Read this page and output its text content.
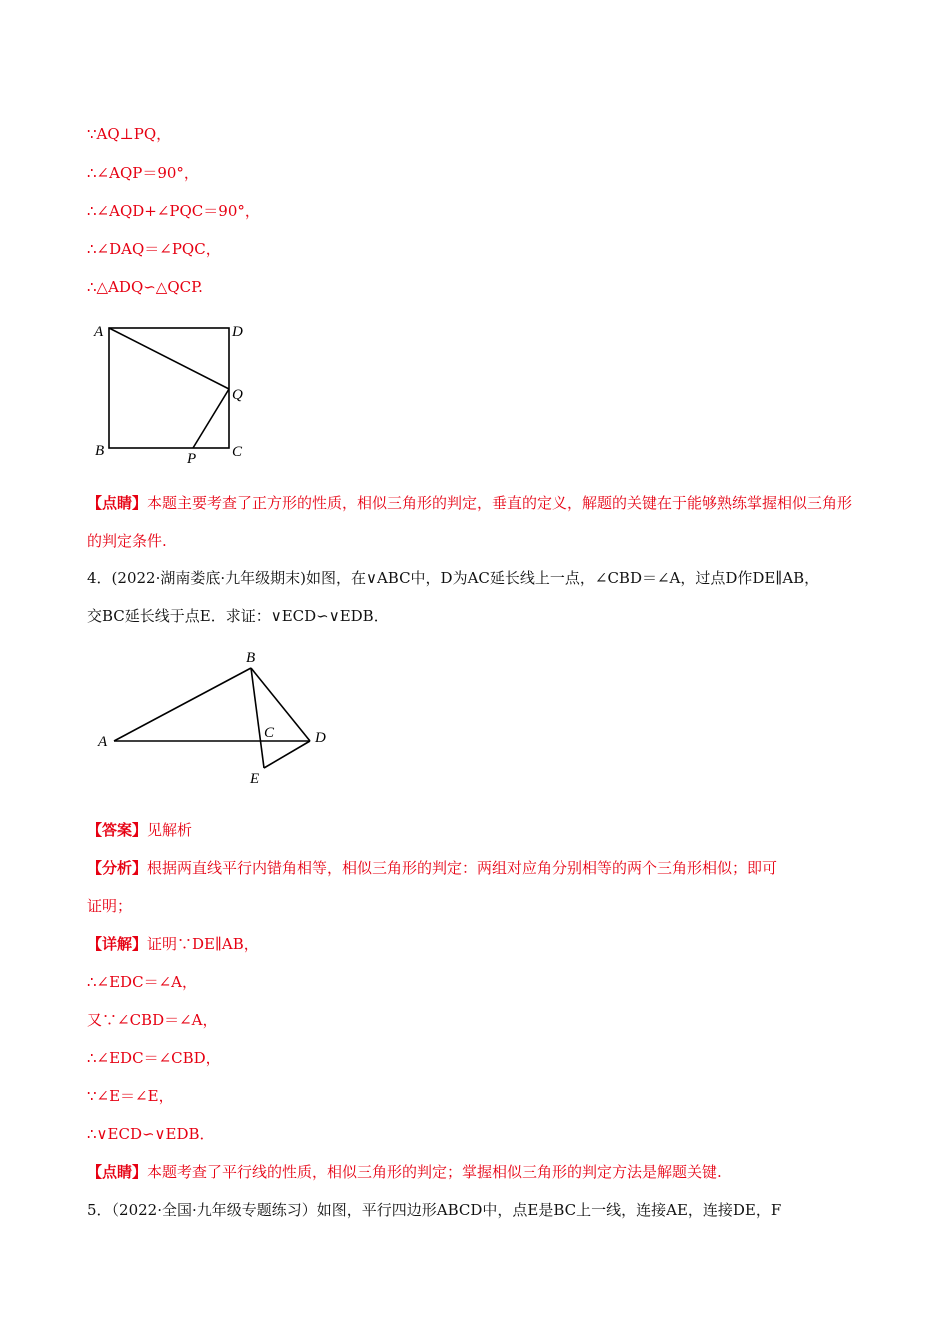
∵AQ⊥PQ，
∴∠AQP＝90°，
∴∠AQD+∠PQC＝90°，
∴∠DAQ＝∠PQC，
∴△ADQ∽△QCP.
A	D
Q
B	P C
【点睛】本题主要考查了正方形的性质，相似三角形的判定，垂直的定义，解题的关键在于能够熟练掌握相似三角形的判定条件.
4．(2022·湖南娄底·九年级期末)如图，在∨ABC中，D为AC延长线上一点，∠CBD＝∠A，过点D作DE∥AB，
交BC延长线于点E．求证：∨ECD∽∨EDB．
A
B
C	D
E
【答案】见解析
【分析】根据两直线平行内错角相等，相似三角形的判定：两组对应角分别相等的两个三角形相似；即可
证明；
【详解】证明∵DE∥AB，
∴∠EDC＝∠A，
又∵∠CBD＝∠A，
∴∠EDC＝∠CBD，
∵∠E＝∠E，
∴∨ECD∽∨EDB．
【点睛】本题考查了平行线的性质，相似三角形的判定；掌握相似三角形的判定方法是解题关键.
5．（2022·全国·九年级专题练习）如图，平行四边形ABCD中，点E是BC上一线，连接AE，连接DE，F
